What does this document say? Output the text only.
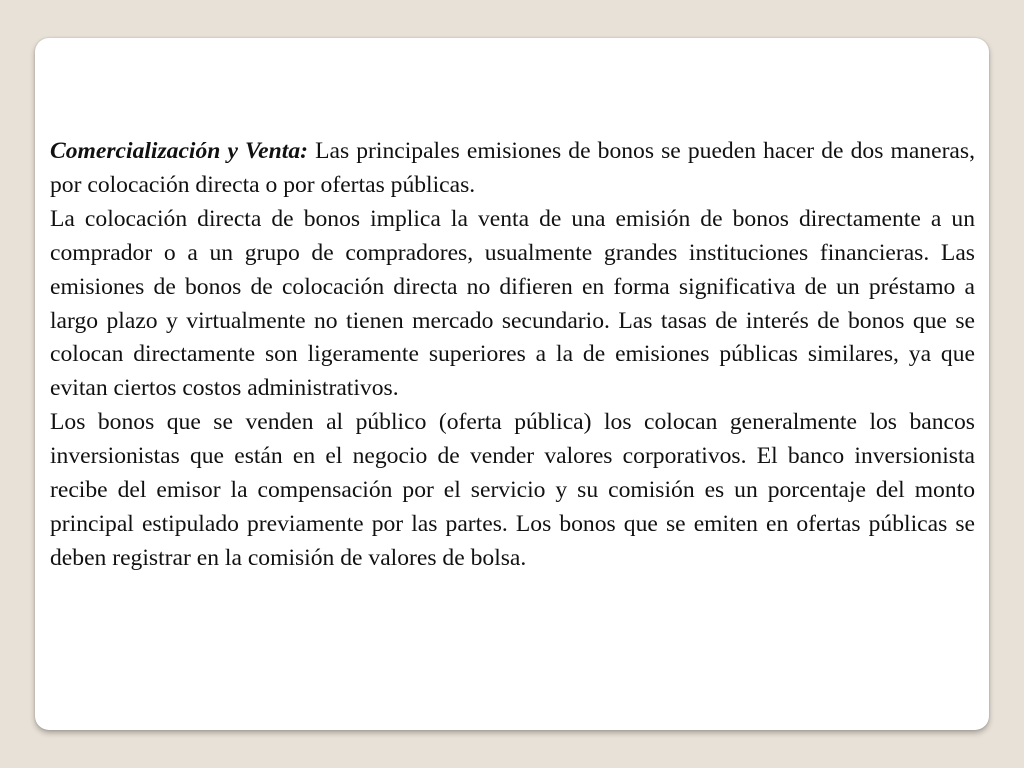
Comercialización y Venta: Las principales emisiones de bonos se pueden hacer de dos maneras, por colocación directa o por ofertas públicas.

La colocación directa de bonos implica la venta de una emisión de bonos directamente a un comprador o a un grupo de compradores, usualmente grandes instituciones financieras. Las emisiones de bonos de colocación directa no difieren en forma significativa de un préstamo a largo plazo y virtualmente no tienen mercado secundario. Las tasas de interés de bonos que se colocan directamente son ligeramente superiores a la de emisiones públicas similares, ya que evitan ciertos costos administrativos.

Los bonos que se venden al público (oferta pública) los colocan generalmente los bancos inversionistas que están en el negocio de vender valores corporativos. El banco inversionista recibe del emisor la compensación por el servicio y su comisión es un porcentaje del monto principal estipulado previamente por las partes. Los bonos que se emiten en ofertas públicas se deben registrar en la comisión de valores de bolsa.
